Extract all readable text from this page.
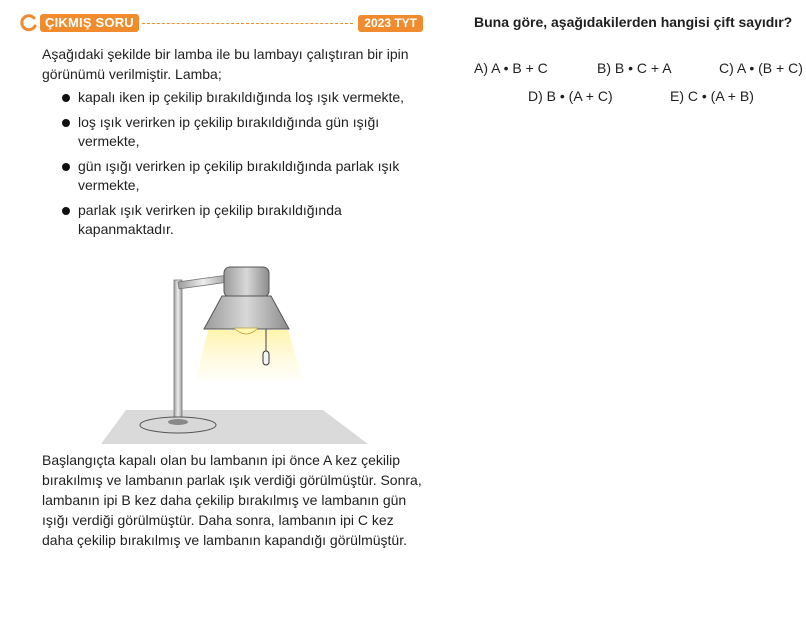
ÇIKMIŞ SORU	2023 TYT
Aşağıdaki şekilde bir lamba ile bu lambayı çalıştıran bir ipin görünümü verilmiştir. Lamba;
kapalı iken ip çekilip bırakıldığında loş ışık vermekte,
loş ışık verirken ip çekilip bırakıldığında gün ışığı vermekte,
gün ışığı verirken ip çekilip bırakıldığında parlak ışık vermekte,
parlak ışık verirken ip çekilip bırakıldığında kapanmaktadır.
Başlangıçta kapalı olan bu lambanın ipi önce A kez çekilip bırakılmış ve lambanın parlak ışık verdiği görülmüştür. Sonra, lambanın ipi B kez daha çekilip bırakılmış ve lambanın gün ışığı verdiği görülmüştür. Daha sonra, lambanın ipi C kez daha çekilip bırakılmış ve lambanın kapandığı görülmüştür.
Buna göre, aşağıdakilerden hangisi çift sayıdır?
A) A • B + C	B) B • C + A	C) A • (B + C)
D) B • (A + C)	E) C • (A + B)
